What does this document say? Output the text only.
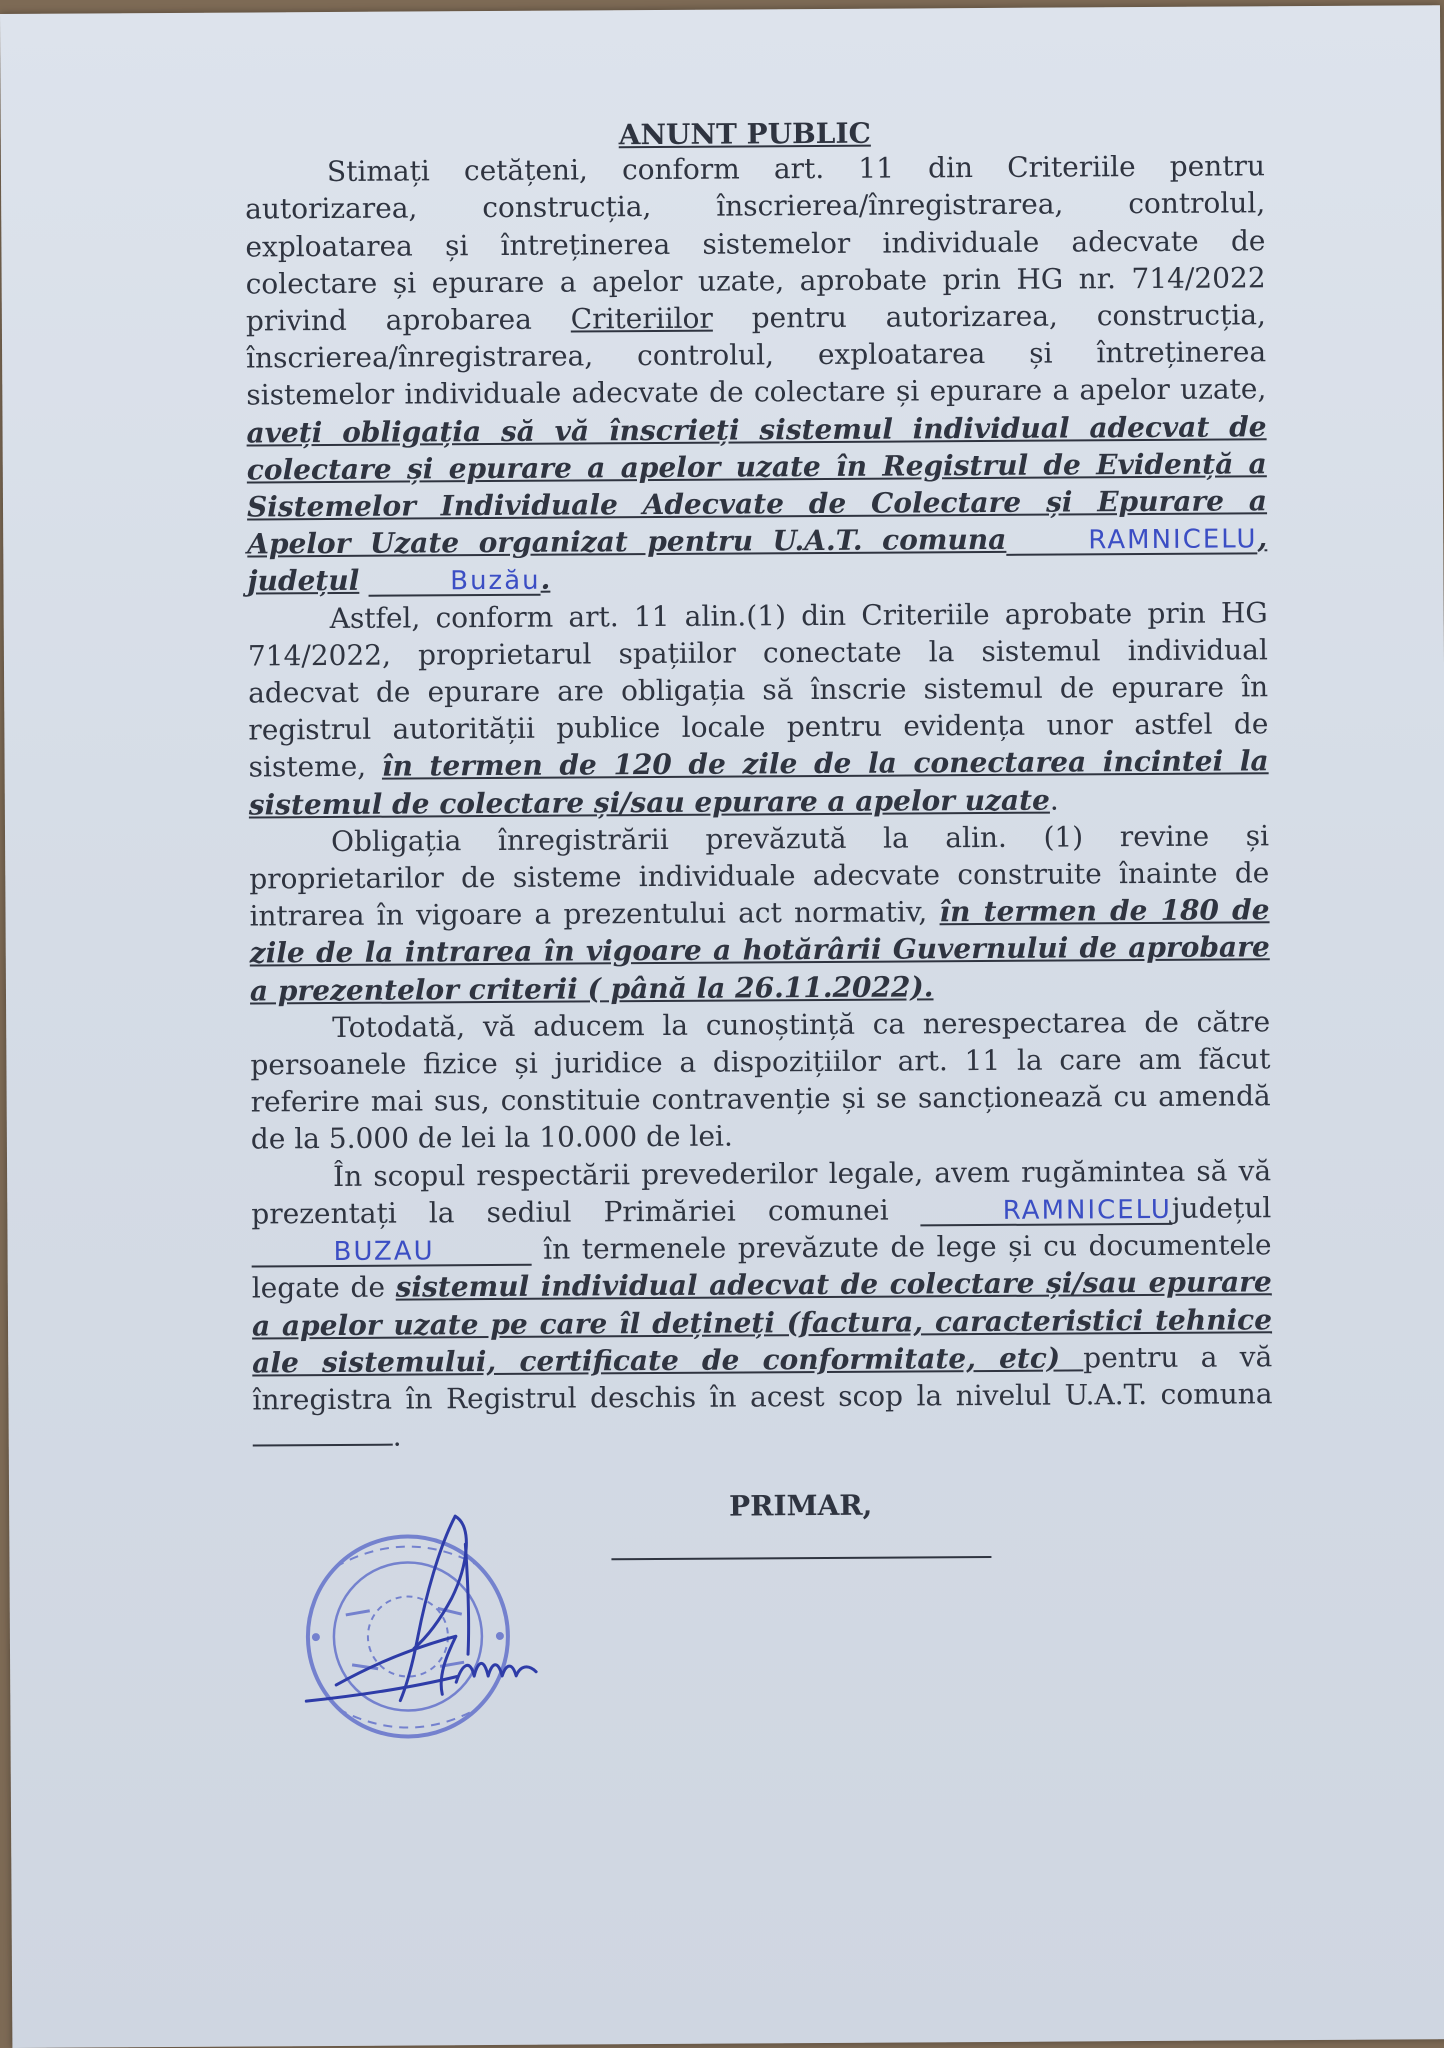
ANUNT PUBLIC

Stimați cetățeni, conform art. 11 din Criteriile pentru autorizarea, construcția, înscrierea/înregistrarea, controlul, exploatarea și întreținerea sistemelor individuale adecvate de colectare și epurare a apelor uzate, aprobate prin HG nr. 714/2022 privind aprobarea Criteriilor pentru autorizarea, construcția, înscrierea/înregistrarea, controlul, exploatarea și întreținerea sistemelor individuale adecvate de colectare și epurare a apelor uzate, aveți obligația să vă înscrieți sistemul individual adecvat de colectare și epurare a apelor uzate în Registrul de Evidență a Sistemelor Individuale Adecvate de Colectare și Epurare a Apelor Uzate organizat pentru U.A.T. comuna	RAMNICELU, județul	Buzău.

Astfel, conform art. 11 alin.(1) din Criteriile aprobate prin HG 714/2022, proprietarul spațiilor conectate la sistemul individual adecvat de epurare are obligația să înscrie sistemul de epurare în registrul autorității publice locale pentru evidența unor astfel de sisteme, în termen de 120 de zile de la conectarea incintei la sistemul de colectare și/sau epurare a apelor uzate.

Obligația înregistrării prevăzută la alin. (1) revine și proprietarilor de sisteme individuale adecvate construite înainte de intrarea în vigoare a prezentului act normativ, în termen de 180 de zile de la intrarea în vigoare a hotărârii Guvernului de aprobare a prezentelor criterii ( până la 26.11.2022).

Totodată, vă aducem la cunoștință ca nerespectarea de către persoanele fizice și juridice a dispozițiilor art. 11 la care am făcut referire mai sus, constituie contravenție și se sancționează cu amendă de la 5.000 de lei la 10.000 de lei.

În scopul respectării prevederilor legale, avem rugămintea să vă prezentați la sediul Primăriei comunei	RAMNICELUjudețul BUZAU	în termenele prevăzute de lege și cu documentele legate de sistemul individual adecvat de colectare și/sau epurare a apelor uzate pe care îl dețineți (factura, caracteristici tehnice ale sistemului, certificate de conformitate, etc) pentru a vă înregistra în Registrul deschis în acest scop la nivelul U.A.T. comuna .

PRIMAR,
